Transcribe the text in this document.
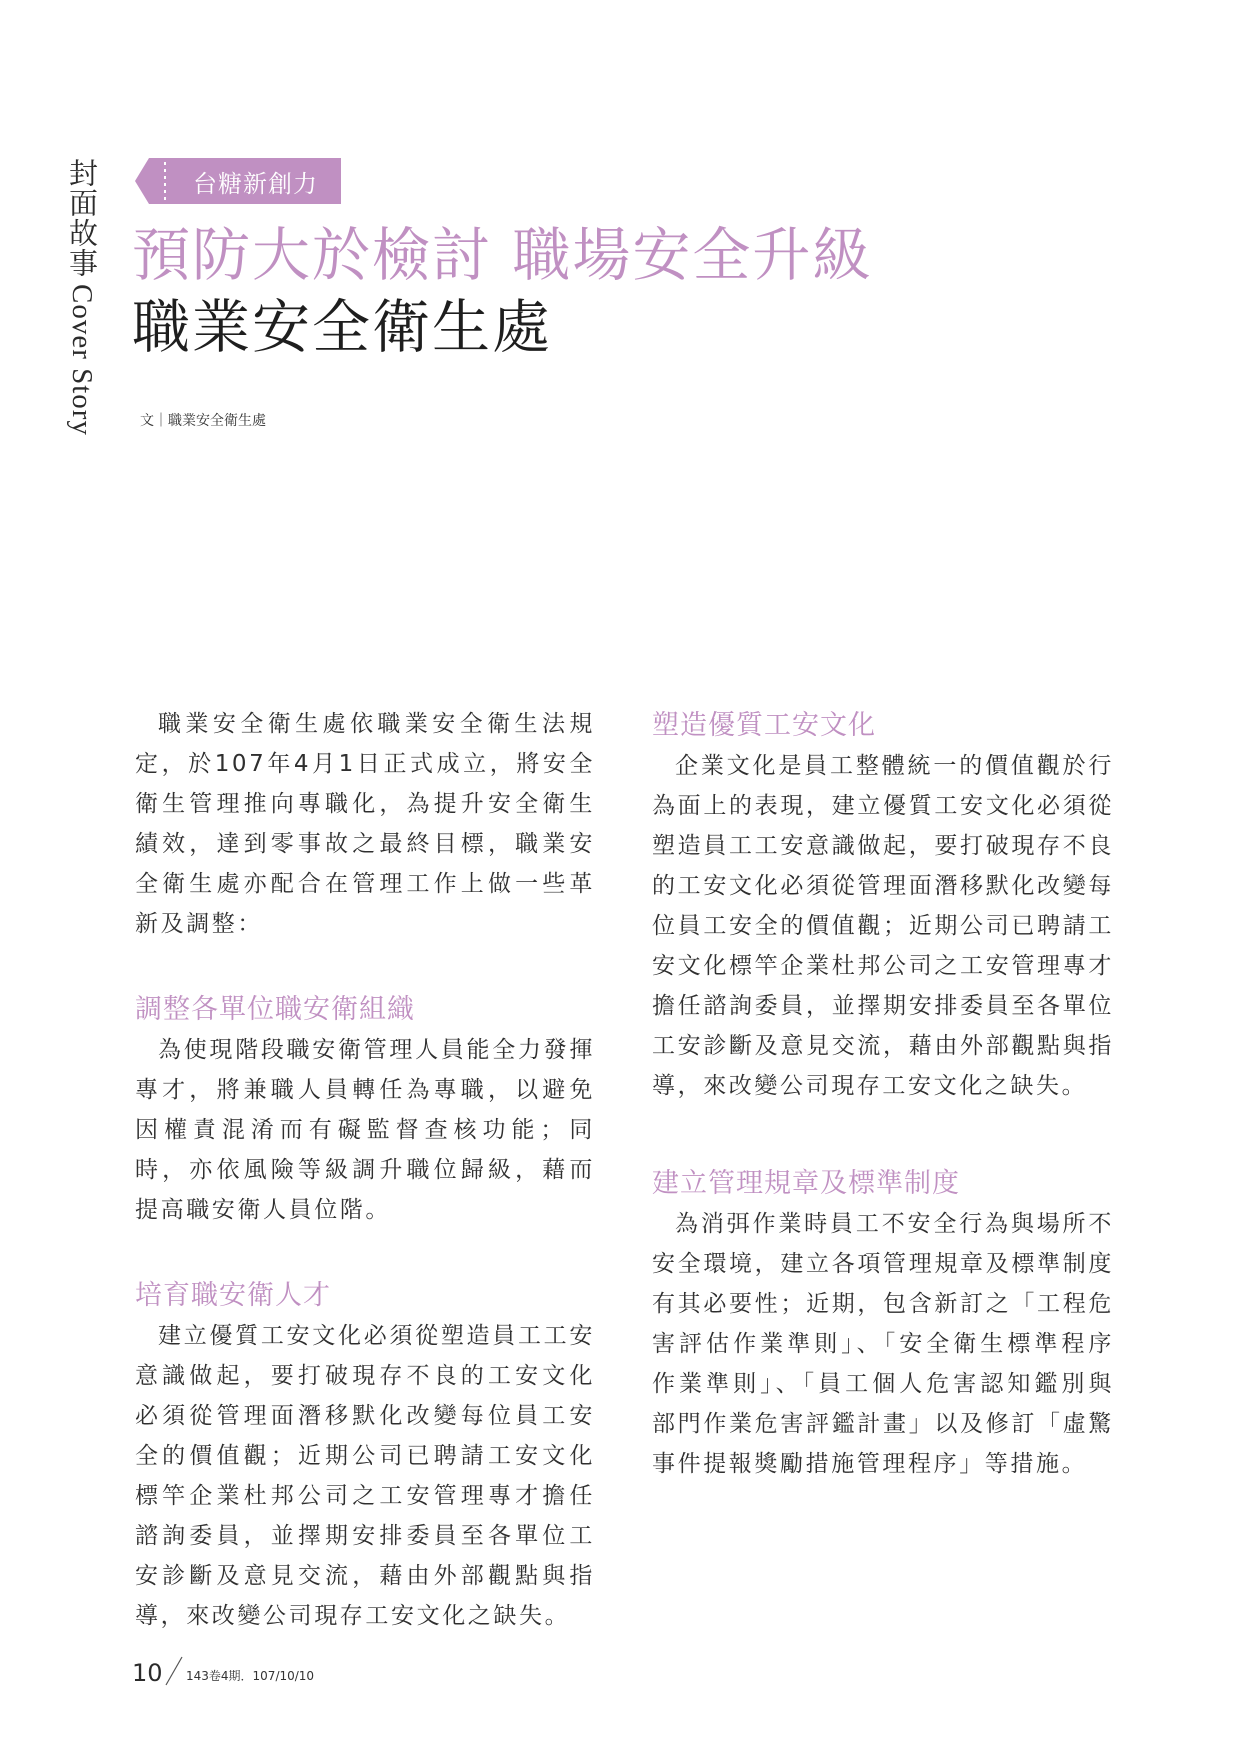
封面故事Cover Story
台糖新創力
預防大於檢討 職場安全升級
職業安全衛生處
文｜職業安全衛生處

職業安全衛生處依職業安全衛生法規定，於107年4月1日正式成立，將安全衛生管理推向專職化，為提升安全衛生績效，達到零事故之最終目標，職業安全衛生處亦配合在管理工作上做一些革新及調整：

調整各單位職安衛組織

為使現階段職安衛管理人員能全力發揮專才，將兼職人員轉任為專職，以避免因權責混淆而有礙監督查核功能；同時，亦依風險等級調升職位歸級，藉而提高職安衛人員位階。

培育職安衛人才

建立優質工安文化必須從塑造員工工安意識做起，要打破現存不良的工安文化必須從管理面潛移默化改變每位員工安全的價值觀；近期公司已聘請工安文化標竿企業杜邦公司之工安管理專才擔任諮詢委員，並擇期安排委員至各單位工安診斷及意見交流，藉由外部觀點與指導，來改變公司現存工安文化之缺失。

塑造優質工安文化

企業文化是員工整體統一的價值觀於行為面上的表現，建立優質工安文化必須從塑造員工工安意識做起，要打破現存不良的工安文化必須從管理面潛移默化改變每位員工安全的價值觀；近期公司已聘請工安文化標竿企業杜邦公司之工安管理專才擔任諮詢委員，並擇期安排委員至各單位工安診斷及意見交流，藉由外部觀點與指導，來改變公司現存工安文化之缺失。

建立管理規章及標準制度

為消弭作業時員工不安全行為與場所不安全環境，建立各項管理規章及標準制度有其必要性；近期，包含新訂之「工程危害評估作業準則」、「安全衛生標準程序作業準則」、「員工個人危害認知鑑別與部門作業危害評鑑計畫」以及修訂「虛驚事件提報獎勵措施管理程序」等措施。

10 143卷4期．107/10/10
